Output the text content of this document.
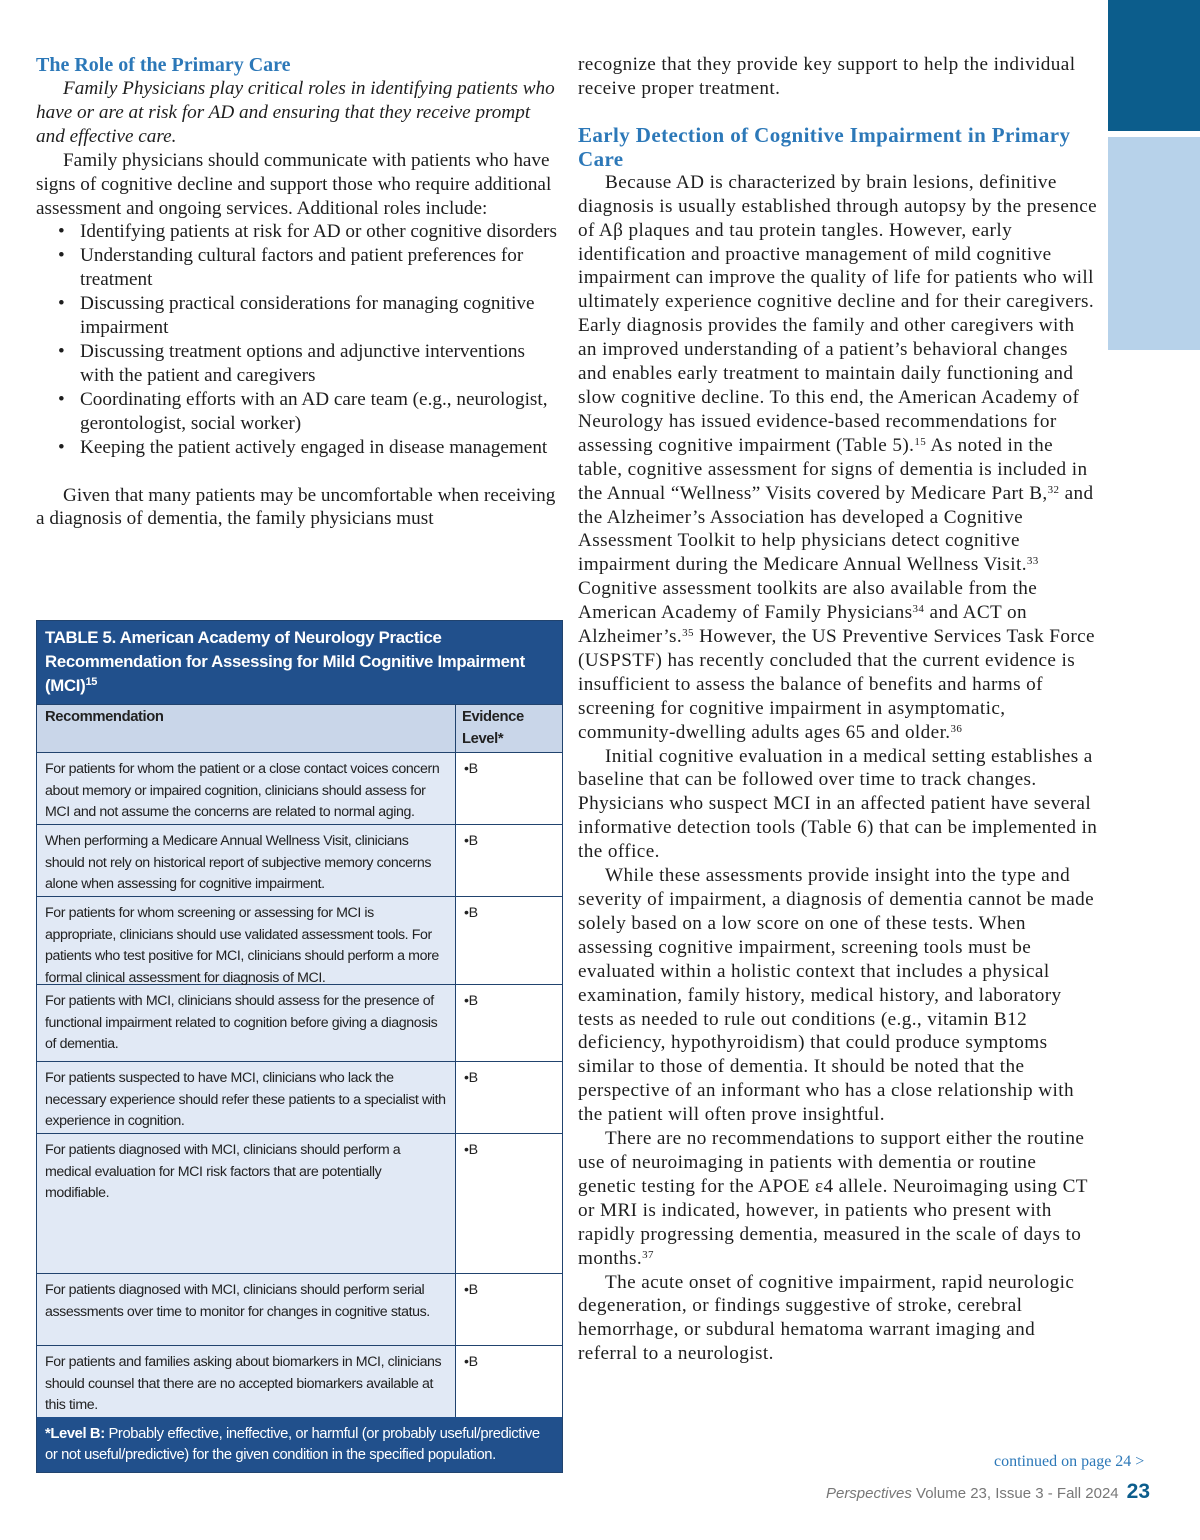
The Role of the Primary Care

Family Physicians play critical roles in identifying patients who have or are at risk for AD and ensuring that they receive prompt and effective care.

Family physicians should communicate with patients who have signs of cognitive decline and support those who require additional assessment and ongoing services. Additional roles include:

• Identifying patients at risk for AD or other cognitive disorders
• Understanding cultural factors and patient preferences for treatment
• Discussing practical considerations for managing cognitive impairment
• Discussing treatment options and adjunctive interventions with the patient and caregivers
• Coordinating efforts with an AD care team (e.g., neurologist, gerontologist, social worker)
• Keeping the patient actively engaged in disease management

Given that many patients may be uncomfortable when receiving a diagnosis of dementia, the family physicians must

TABLE 5. American Academy of Neurology Practice Recommendation for Assessing for Mild Cognitive Impairment (MCI)$^{15}$
Recommendation	Evidence Level*
For patients for whom the patient or a close contact voices concern about memory or impaired cognition, clinicians should assess for MCI and not assume the concerns are related to normal aging.
•B
When performing a Medicare Annual Wellness Visit, clinicians should not rely on historical report of subjective memory concerns alone when assessing for cognitive impairment.
•B
For patients for whom screening or assessing for MCI is appropriate, clinicians should use validated assessment tools. For patients who test positive for MCI, clinicians should perform a more formal clinical assessment for diagnosis of MCI.
•B
For patients with MCI, clinicians should assess for the presence of functional impairment related to cognition before giving a diagnosis of dementia.
•B
For patients suspected to have MCI, clinicians who lack the necessary experience should refer these patients to a specialist with experience in cognition.
•B
For patients diagnosed with MCI, clinicians should perform a medical evaluation for MCI risk factors that are potentially modifiable.
•B
For patients diagnosed with MCI, clinicians should perform serial assessments over time to monitor for changes in cognitive status.
•B
For patients and families asking about biomarkers in MCI, clinicians should counsel that there are no accepted biomarkers available at this time.
•B
*Level B: Probably effective, ineffective, or harmful (or probably useful/predictive or not useful/predictive) for the given condition in the specified population.

recognize that they provide key support to help the individual receive proper treatment.

Early Detection of Cognitive Impairment in Primary Care

Because AD is characterized by brain lesions, definitive diagnosis is usually established through autopsy by the presence of Aβ plaques and tau protein tangles. However, early identification and proactive management of mild cognitive impairment can improve the quality of life for patients who will ultimately experience cognitive decline and for their caregivers. Early diagnosis provides the family and other caregivers with an improved understanding of a patient’s behavioral changes and enables early treatment to maintain daily functioning and slow cognitive decline. To this end, the American Academy of Neurology has issued evidence-based recommendations for assessing cognitive impairment (Table 5).$^{15}$ As noted in the table, cognitive assessment for signs of dementia is included in the Annual “Wellness” Visits covered by Medicare Part B,$^{32}$ and the Alzheimer’s Association has developed a Cognitive Assessment Toolkit to help physicians detect cognitive impairment during the Medicare Annual Wellness Visit.$^{33}$ Cognitive assessment toolkits are also available from the American Academy of Family Physicians$^{34}$ and ACT on Alzheimer’s.$^{35}$ However, the US Preventive Services Task Force (USPSTF) has recently concluded that the current evidence is insufficient to assess the balance of benefits and harms of screening for cognitive impairment in asymptomatic, community-dwelling adults ages 65 and older.$^{36}$

Initial cognitive evaluation in a medical setting establishes a baseline that can be followed over time to track changes. Physicians who suspect MCI in an affected patient have several informative detection tools (Table 6) that can be implemented in the office.

While these assessments provide insight into the type and severity of impairment, a diagnosis of dementia cannot be made solely based on a low score on one of these tests. When assessing cognitive impairment, screening tools must be evaluated within a holistic context that includes a physical examination, family history, medical history, and laboratory tests as needed to rule out conditions (e.g., vitamin B12 deficiency, hypothyroidism) that could produce symptoms similar to those of dementia. It should be noted that the perspective of an informant who has a close relationship with the patient will often prove insightful.

There are no recommendations to support either the routine use of neuroimaging in patients with dementia or routine genetic testing for the APOE ε4 allele. Neuroimaging using CT or MRI is indicated, however, in patients who present with rapidly progressing dementia, measured in the scale of days to months.$^{37}$

The acute onset of cognitive impairment, rapid neurologic degeneration, or findings suggestive of stroke, cerebral hemorrhage, or subdural hematoma warrant imaging and referral to a neurologist.

continued on page 24 >
Perspectives Volume 23, Issue 3 - Fall 2024 23
